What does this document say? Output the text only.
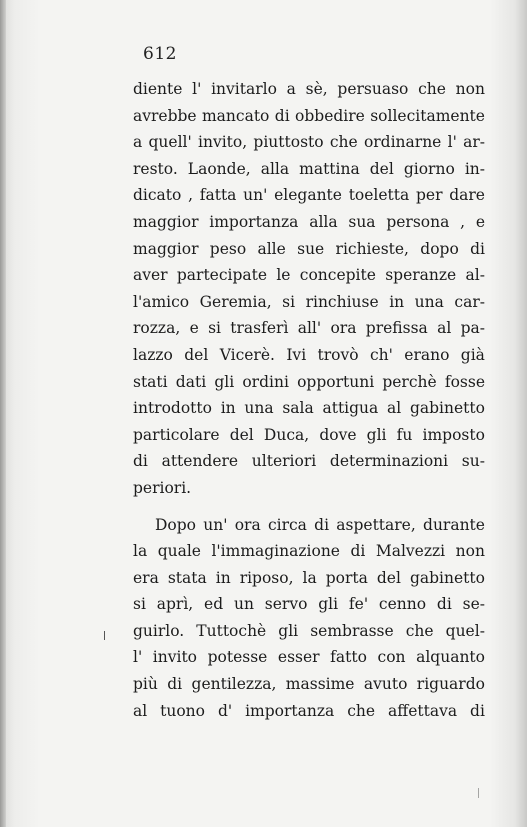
612
diente l' invitarlo a sè, persuaso che non
avrebbe mancato di obbedire sollecitamente
a quell' invito, piuttosto che ordinarne l' ar-
resto. Laonde, alla mattina del giorno in-
dicato , fatta un' elegante toeletta per dare
maggior importanza alla sua persona , e
maggior peso alle sue richieste, dopo di
aver partecipate le concepite speranze al-
l'amico Geremia, si rinchiuse in una car-
rozza, e si trasferì all' ora prefissa al pa-
lazzo del Vicerè. Ivi trovò ch' erano già
stati dati gli ordini opportuni perchè fosse
introdotto in una sala attigua al gabinetto
particolare del Duca, dove gli fu imposto
di attendere ulteriori determinazioni su-
periori.
Dopo un' ora circa di aspettare, durante
la quale l'immaginazione di Malvezzi non
era stata in riposo, la porta del gabinetto
si aprì, ed un servo gli fe' cenno di se-
guirlo. Tuttochè gli sembrasse che quel-
l' invito potesse esser fatto con alquanto
più di gentilezza, massime avuto riguardo
al tuono d' importanza che affettava di
